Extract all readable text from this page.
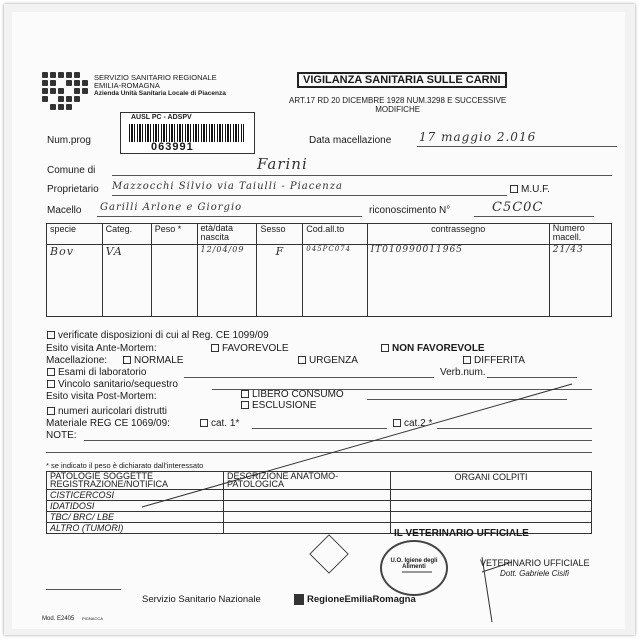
SERVIZIO SANITARIO REGIONALE
EMILIA-ROMAGNA
Azienda Unità Sanitaria Locale di Piacenza
VIGILANZA SANITARIA SULLE CARNI
ART.17 RD 20 DICEMBRE 1928 NUM.3298 E SUCCESSIVE
MODIFICHE
AUSL PC - ADSPV
063991
Num.prog	Data macellazione 17 maggio 2.016
Comune di	Farini
Proprietario Mazzocchi Silvio via Taiulli - Piacenza	M.U.F.
Macello Garilli Arlone e Giorgio	riconoscimento N°	C5C0C
specie	Categ.	Peso *	età/data nascita	Sesso	Cod.all.to	contrassegno	Numero macell.
Bov	VA		12/04/09	F	045PC074	IT010990011965	21/43
verificate disposizioni di cui al Reg. CE 1099/09
Esito visita Ante-Mortem:	FAVOREVOLE	NON FAVOREVOLE
Macellazione:	NORMALE	URGENZA	DIFFERITA
Esami di laboratorio	Verb.num.
Vincolo sanitario/sequestro
Esito visita Post-Mortem:	LIBERO CONSUMO
ESCLUSIONE
numeri auricolari distrutti
Materiale REG CE 1069/09:	cat. 1*	cat.2 *
NOTE:
* se indicato il peso è dichiarato dall'interessato
PATOLOGIE SOGGETTE REGISTRAZIONE/NOTIFICA	DESCRIZIONE ANATOMO-PATOLOGICA	ORGANI COLPITI
CISTICERCOSI		
IDATIDOSI		
TBC/ BRC/ LBE		
ALTRO (TUMORI)			IL VETERINARIO UFFICIALE
U.O. Igiene degli Alimenti	VETERINARIO UFFICIALE
Dott. Gabriele Cisifi
Servizio Sanitario Nazionale	RegioneEmiliaRomagna
Mod. E2405 PIGNACCA
